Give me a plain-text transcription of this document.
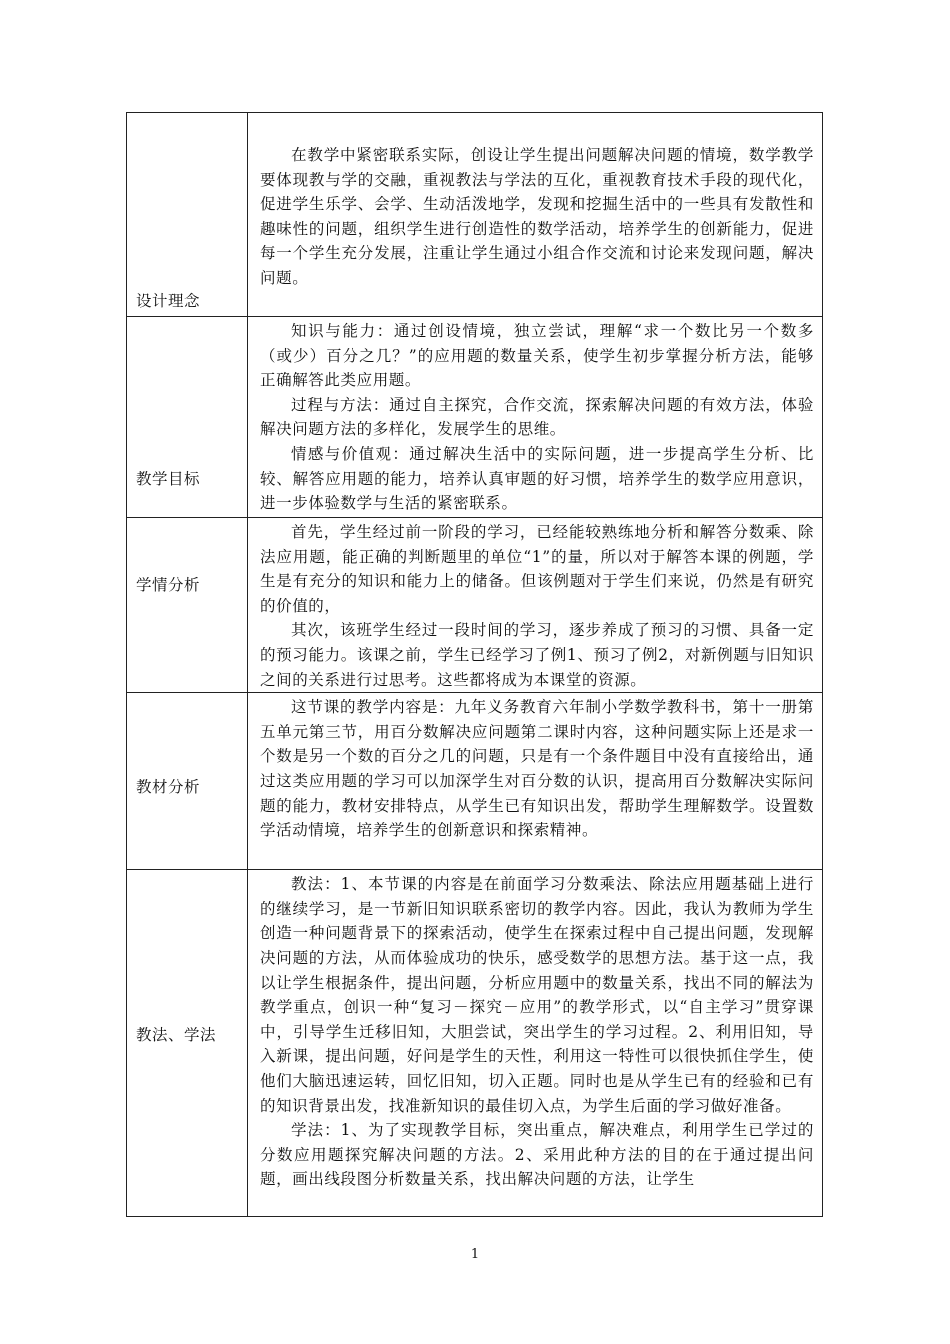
设计理念	在教学中紧密联系实际，创设让学生提出问题解决问题的情境，数学教学要体现教与学的交融，重视教法与学法的互化，重视教育技术手段的现代化，促进学生乐学、会学、生动活泼地学，发现和挖掘生活中的一些具有发散性和趣味性的问题，组织学生进行创造性的数学活动，培养学生的创新能力，促进每一个学生充分发展，注重让学生通过小组合作交流和讨论来发现问题，解决问题。

教学目标	知识与能力：通过创设情境，独立尝试，理解“求一个数比另一个数多（或少）百分之几？”的应用题的数量关系，使学生初步掌握分析方法，能够正确解答此类应用题。

过程与方法：通过自主探究，合作交流，探索解决问题的有效方法，体验解决问题方法的多样化，发展学生的思维。

情感与价值观：通过解决生活中的实际问题，进一步提高学生分析、比较、解答应用题的能力，培养认真审题的好习惯，培养学生的数学应用意识，进一步体验数学与生活的紧密联系。

学情分析	首先，学生经过前一阶段的学习，已经能较熟练地分析和解答分数乘、除法应用题，能正确的判断题里的单位“1”的量，所以对于解答本课的例题，学生是有充分的知识和能力上的储备。但该例题对于学生们来说，仍然是有研究的价值的，

其次，该班学生经过一段时间的学习，逐步养成了预习的习惯、具备一定的预习能力。该课之前，学生已经学习了例1、预习了例2，对新例题与旧知识之间的关系进行过思考。这些都将成为本课堂的资源。

教材分析	这节课的教学内容是：九年义务教育六年制小学数学教科书，第十一册第五单元第三节，用百分数解决应问题第二课时内容，这种问题实际上还是求一个数是另一个数的百分之几的问题，只是有一个条件题目中没有直接给出，通过这类应用题的学习可以加深学生对百分数的认识，提高用百分数解决实际问题的能力，教材安排特点，从学生已有知识出发，帮助学生理解数学。设置数学活动情境，培养学生的创新意识和探索精神。

教法、学法	教法：1、本节课的内容是在前面学习分数乘法、除法应用题基础上进行的继续学习，是一节新旧知识联系密切的教学内容。因此，我认为教师为学生创造一种问题背景下的探索活动，使学生在探索过程中自己提出问题，发现解决问题的方法，从而体验成功的快乐，感受数学的思想方法。基于这一点，我以让学生根据条件，提出问题，分析应用题中的数量关系，找出不同的解法为教学重点，创识一种“复习－探究－应用”的教学形式，以“自主学习”贯穿课中，引导学生迁移旧知，大胆尝试，突出学生的学习过程。2、利用旧知，导入新课，提出问题，好问是学生的天性，利用这一特性可以很快抓住学生，使他们大脑迅速运转，回忆旧知，切入正题。同时也是从学生已有的经验和已有的知识背景出发，找准新知识的最佳切入点，为学生后面的学习做好准备。

学法：1、为了实现教学目标，突出重点，解决难点，利用学生已学过的分数应用题探究解决问题的方法。2、采用此种方法的目的在于通过提出问题，画出线段图分析数量关系，找出解决问题的方法，让学生

1
